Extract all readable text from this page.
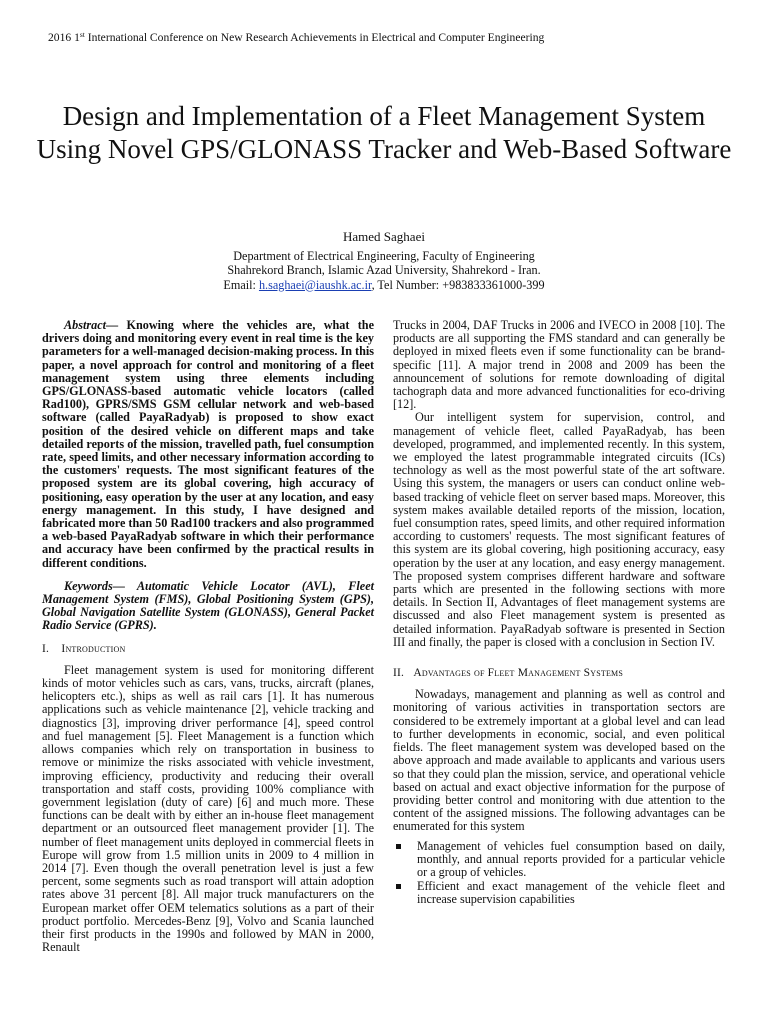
2016 1st International Conference on New Research Achievements in Electrical and Computer Engineering
Design and Implementation of a Fleet Management System Using Novel GPS/GLONASS Tracker and Web-Based Software
Hamed Saghaei
Department of Electrical Engineering, Faculty of Engineering
Shahrekord Branch, Islamic Azad University, Shahrekord - Iran.
Email: h.saghaei@iaushk.ac.ir, Tel Number: +983833361000-399

Abstract— Knowing where the vehicles are, what the drivers doing and monitoring every event in real time is the key parameters for a well-managed decision-making process. In this paper, a novel approach for control and monitoring of a fleet management system using three elements including GPS/GLONASS-based automatic vehicle locators (called Rad100), GPRS/SMS GSM cellular network and web-based software (called PayaRadyab) is proposed to show exact position of the desired vehicle on different maps and take detailed reports of the mission, travelled path, fuel consumption rate, speed limits, and other necessary information according to the customers' requests. The most significant features of the proposed system are its global covering, high accuracy of positioning, easy operation by the user at any location, and easy energy management. In this study, I have designed and fabricated more than 50 Rad100 trackers and also programmed a web-based PayaRadyab software in which their performance and accuracy have been confirmed by the practical results in different conditions.

Keywords— Automatic Vehicle Locator (AVL), Fleet Management System (FMS), Global Positioning System (GPS), Global Navigation Satellite System (GLONASS), General Packet Radio Service (GPRS).

I. Introduction

Fleet management system is used for monitoring different kinds of motor vehicles such as cars, vans, trucks, aircraft (planes, helicopters etc.), ships as well as rail cars [1]. It has numerous applications such as vehicle maintenance [2], vehicle tracking and diagnostics [3], improving driver performance [4], speed control and fuel management [5]. Fleet Management is a function which allows companies which rely on transportation in business to remove or minimize the risks associated with vehicle investment, improving efficiency, productivity and reducing their overall transportation and staff costs, providing 100% compliance with government legislation (duty of care) [6] and much more. These functions can be dealt with by either an in-house fleet management department or an outsourced fleet management provider [1]. The number of fleet management units deployed in commercial fleets in Europe will grow from 1.5 million units in 2009 to 4 million in 2014 [7]. Even though the overall penetration level is just a few percent, some segments such as road transport will attain adoption rates above 31 percent [8]. All major truck manufacturers on the European market offer OEM telematics solutions as a part of their product portfolio. Mercedes-Benz [9], Volvo and Scania launched their first products in the 1990s and followed by MAN in 2000, Renault

Trucks in 2004, DAF Trucks in 2006 and IVECO in 2008 [10]. The products are all supporting the FMS standard and can generally be deployed in mixed fleets even if some functionality can be brand-specific [11]. A major trend in 2008 and 2009 has been the announcement of solutions for remote downloading of digital tachograph data and more advanced functionalities for eco-driving [12].

Our intelligent system for supervision, control, and management of vehicle fleet, called PayaRadyab, has been developed, programmed, and implemented recently. In this system, we employed the latest programmable integrated circuits (ICs) technology as well as the most powerful state of the art software. Using this system, the managers or users can conduct online web-based tracking of vehicle fleet on server based maps. Moreover, this system makes available detailed reports of the mission, location, fuel consumption rates, speed limits, and other required information according to customers' requests. The most significant features of this system are its global covering, high positioning accuracy, easy operation by the user at any location, and easy energy management. The proposed system comprises different hardware and software parts which are presented in the following sections with more details. In Section II, Advantages of fleet management systems are discussed and also Fleet management system is presented as detailed information. PayaRadyab software is presented in Section III and finally, the paper is closed with a conclusion in Section IV.

II. Advantages of Fleet Management Systems

Nowadays, management and planning as well as control and monitoring of various activities in transportation sectors are considered to be extremely important at a global level and can lead to further developments in economic, social, and even political fields. The fleet management system was developed based on the above approach and made available to applicants and various users so that they could plan the mission, service, and operational vehicle based on actual and exact objective information for the purpose of providing better control and monitoring with due attention to the content of the assigned missions. The following advantages can be enumerated for this system

Management of vehicles fuel consumption based on daily, monthly, and annual reports provided for a particular vehicle or a group of vehicles.
Efficient and exact management of the vehicle fleet and increase supervision capabilities
